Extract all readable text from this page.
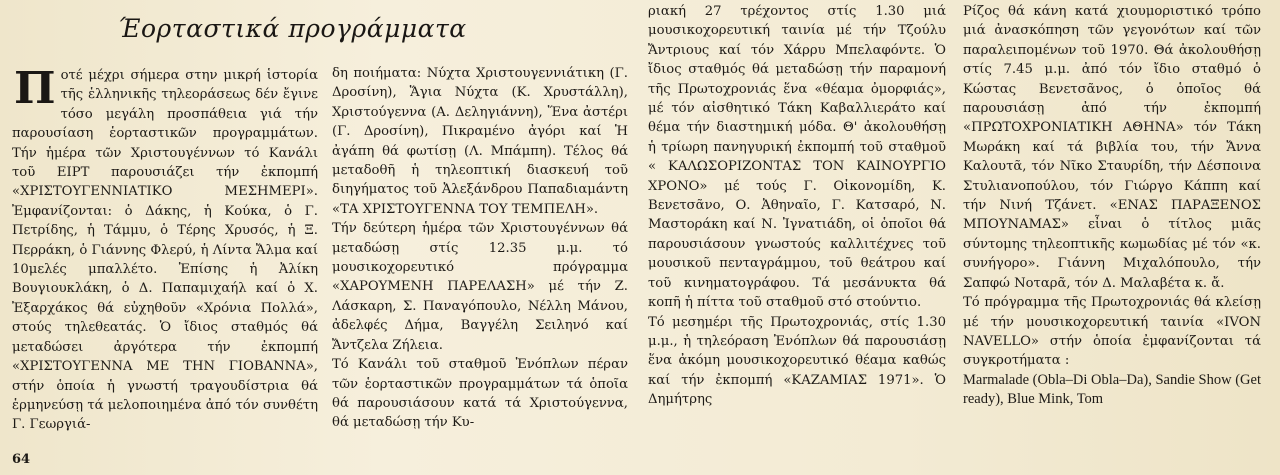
Έορταστικά προγράμματα
Π οτέ μέχρι σήμερα στην μικρή ἱστορία τῆς ἑλληνικῆς τηλεοράσεως δέν ἔγινε τόσο μεγάλη προσπάθεια γιά τήν παρουσίαση ἑορταστικῶν προγραμμάτων. Τήν ἡμέρα τῶν Χριστουγέννων τό Κανάλι τοῦ ΕΙΡΤ παρουσιάζει τήν ἐκπομπή «ΧΡΙΣΤΟΥΓΕΝΝΙΑΤΙΚΟ ΜΕΣΗΜΕΡΙ». Ἐμφανίζονται: ὁ Δάκης, ἡ Κούκα, ὁ Γ. Πετρίδης, ἡ Τάμμυ, ὁ Τέρης Χρυσός, ἡ Ξ. Περράκη, ὁ Γιάννης Φλερύ, ἡ Λίντα Ἄλμα καί 10μελές μπαλλέτο. Ἐπίσης ἡ Ἀλίκη Βουγιουκλάκη, ὁ Δ. Παπαμιχαήλ καί ὁ Χ. Ἐξαρχάκος θά εὐχηθοῦν «Χρόνια Πολλά», στούς τηλεθεατάς. Ὁ ἴδιος σταθμός θά μεταδώσει ἀργότερα τήν ἐκπομπή «ΧΡΙΣΤΟΥΓΕΝΝΑ ΜΕ ΤΗΝ ΓΙΟΒΑΝΝΑ», στήν ὁποία ἡ γνωστή τραγουδίστρια θά ἑρμηνεύσῃ τά μελοποιημένα ἀπό τόν συνθέτη Γ. Γεωργιά-

δη ποιήματα: Νύχτα Χριστουγεννιάτικη (Γ. Δροσίνη), Ἅγια Νύχτα (Κ. Χρυστάλλη), Χριστούγεννα (Α. Δεληγιάννη), Ἕνα ἀστέρι (Γ. Δροσίνη), Πικραμένο ἀγόρι καί Ἡ ἀγάπη θά φωτίσῃ (Λ. Μπάμπη). Τέλος θά μεταδοθῆ ἡ τηλεοπτική διασκευή τοῦ διηγήματος τοῦ Ἀλεξάνδρου Παπαδιαμάντη «ΤΑ ΧΡΙΣΤΟΥΓΕΝΝΑ ΤΟΥ ΤΕΜΠΕΛΗ».

Τήν δεύτερη ἡμέρα τῶν Χριστουγέννων θά μεταδώσῃ στίς 12.35 μ.μ. τό μουσικοχορευτικό πρόγραμμα «ΧΑΡΟΥΜΕΝΗ ΠΑΡΕΛΑΣΗ» μέ τήν Ζ. Λάσκαρη, Σ. Παναγόπουλο, Νέλλη Μάνου, ἀδελφές Δήμα, Βαγγέλη Σειληνό καί Ἄντζελα Ζήλεια.

Τό Κανάλι τοῦ σταθμοῦ Ἐνόπλων πέραν τῶν ἑορταστικῶν προγραμμάτων τά ὁποῖα θά παρουσιάσουν κατά τά Χριστούγεννα, θά μεταδώσῃ τήν Κυ-

ριακή 27 τρέχοντος στίς 1.30 μιά μουσικοχορευτική ταινία μέ τήν Τζούλυ Ἄντριους καί τόν Χάρρυ Μπελαφόντε. Ὁ ἴδιος σταθμός θά μεταδώσῃ τήν παραμονή τῆς Πρωτοχρονιάς ἕνα «θέαμα ὀμορφιάς», μέ τόν αἰσθητικό Τάκη Καβαλλιεράτο καί θέμα τήν διαστημική μόδα. Θ' ἀκολουθήσῃ ἡ τρίωρη πανηγυρική ἐκπομπή τοῦ σταθμοῦ « ΚΑΛΩΣΟΡΙΖΟΝΤΑΣ ΤΟΝ ΚΑΙΝΟΥΡΓΙΟ ΧΡΟΝΟ» μέ τούς Γ. Οἰκονομίδη, Κ. Βενετσᾶνο, Ο. Ἀθηναῖο, Γ. Κατσαρό, Ν. Μαστοράκη καί Ν. Ἰγνατιάδη, οἱ ὁποῖοι θά παρουσιάσουν γνωστούς καλλιτέχνες τοῦ μουσικοῦ πενταγράμμου, τοῦ θεάτρου καί τοῦ κινηματογράφου. Τά μεσάνυκτα θά κοπῆ ἡ πίττα τοῦ σταθμοῦ στό στούντιο.

Τό μεσημέρι τῆς Πρωτοχρονιάς, στίς 1.30 μ.μ., ἡ τηλεόραση Ἐνόπλων θά παρουσιάσῃ ἕνα ἀκόμη μουσικοχορευτικό θέαμα καθώς καί τήν ἐκπομπή «ΚΑΖΑΜΙΑΣ 1971». Ὁ Δημήτρης

Ρίζος θά κάνη κατά χιουμοριστικό τρόπο μιά ἀνασκόπηση τῶν γεγονότων καί τῶν παραλειπομένων τοῦ 1970. Θά ἀκολουθήσῃ στίς 7.45 μ.μ. ἀπό τόν ἴδιο σταθμό ὁ Κώστας Βενετσᾶνος, ὁ ὁποῖος θά παρουσιάσῃ ἀπό τήν ἐκπομπή «ΠΡΩΤΟΧΡΟΝΙΑΤΙΚΗ ΑΘΗΝΑ» τόν Τάκη Μωράκη καί τά βιβλία του, τήν Ἄννα Καλουτᾶ, τόν Νῖκο Σταυρίδη, τήν Δέσποινα Στυλιανοπούλου, τόν Γιώργο Κάππη καί τήν Νινή Τζάνετ. «ΕΝΑΣ ΠΑΡΑΞΕΝΟΣ ΜΠΟΥΝΑΜΑΣ» εἶναι ὁ τίτλος μιᾶς σύντομης τηλεοπτικῆς κωμωδίας μέ τόν «κ. συνήγορο». Γιάννη Μιχαλόπουλο, τήν Σαπφώ Νοταρᾶ, τόν Δ. Μαλαβέτα κ. ἄ.

Τό πρόγραμμα τῆς Πρωτοχρονιάς θά κλείσῃ μέ τήν μουσικοχορευτική ταινία «IVON NAVELLO» στήν ὁποία ἐμφανίζονται τά συγκροτήματα :

Marmalade (Obla–Di Obla–Da), Sandie Show (Get ready), Blue Mink, Tom

64
